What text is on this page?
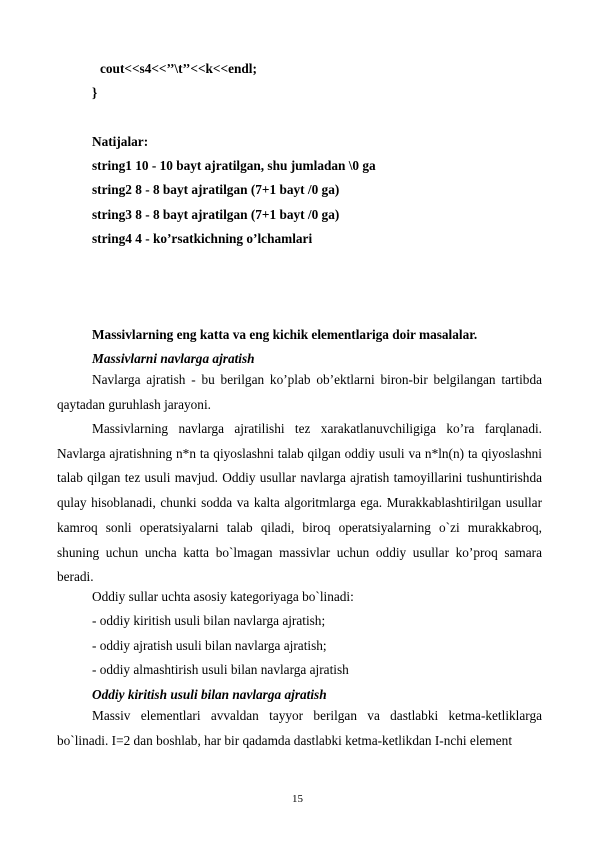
cout<<s4<<’’\t’’<<k<<endl;
}
Natijalar:
string1 10 - 10 bayt ajratilgan, shu jumladan \0 ga
string2 8 - 8 bayt ajratilgan (7+1 bayt /0 ga)
string3 8 - 8 bayt ajratilgan (7+1 bayt /0 ga)
string4 4 - ko’rsatkichning o’lchamlari
Massivlarning eng katta va eng kichik elementlariga doir masalalar.
Massivlarni navlarga ajratish

Navlarga ajratish - bu berilgan ko’plab ob’ektlarni biron-bir belgilangan tartibda qaytadan guruhlash jarayoni.

Massivlarning navlarga ajratilishi tez xarakatlanuvchiligiga ko’ra farqlanadi. Navlarga ajratishning n*n ta qiyoslashni talab qilgan oddiy usuli va n*ln(n) ta qiyoslashni talab qilgan tez usuli mavjud. Oddiy usullar navlarga ajratish tamoyillarini tushuntirishda qulay hisoblanadi, chunki sodda va kalta algoritmlarga ega. Murakkablashtirilgan usullar kamroq sonli operatsiyalarni talab qiladi, biroq operatsiyalarning o`zi murakkabroq, shuning uchun uncha katta bo`lmagan massivlar uchun oddiy usullar ko’proq samara beradi.

Oddiy sullar uchta asosiy kategoriyaga bo`linadi:
- oddiy kiritish usuli bilan navlarga ajratish;
- oddiy ajratish usuli bilan navlarga ajratish;
- oddiy almashtirish usuli bilan navlarga ajratish
Oddiy kiritish usuli bilan navlarga ajratish

Massiv elementlari avvaldan tayyor berilgan va dastlabki ketma-ketliklarga bo`linadi. I=2 dan boshlab, har bir qadamda dastlabki ketma-ketlikdan I-nchi element

15
